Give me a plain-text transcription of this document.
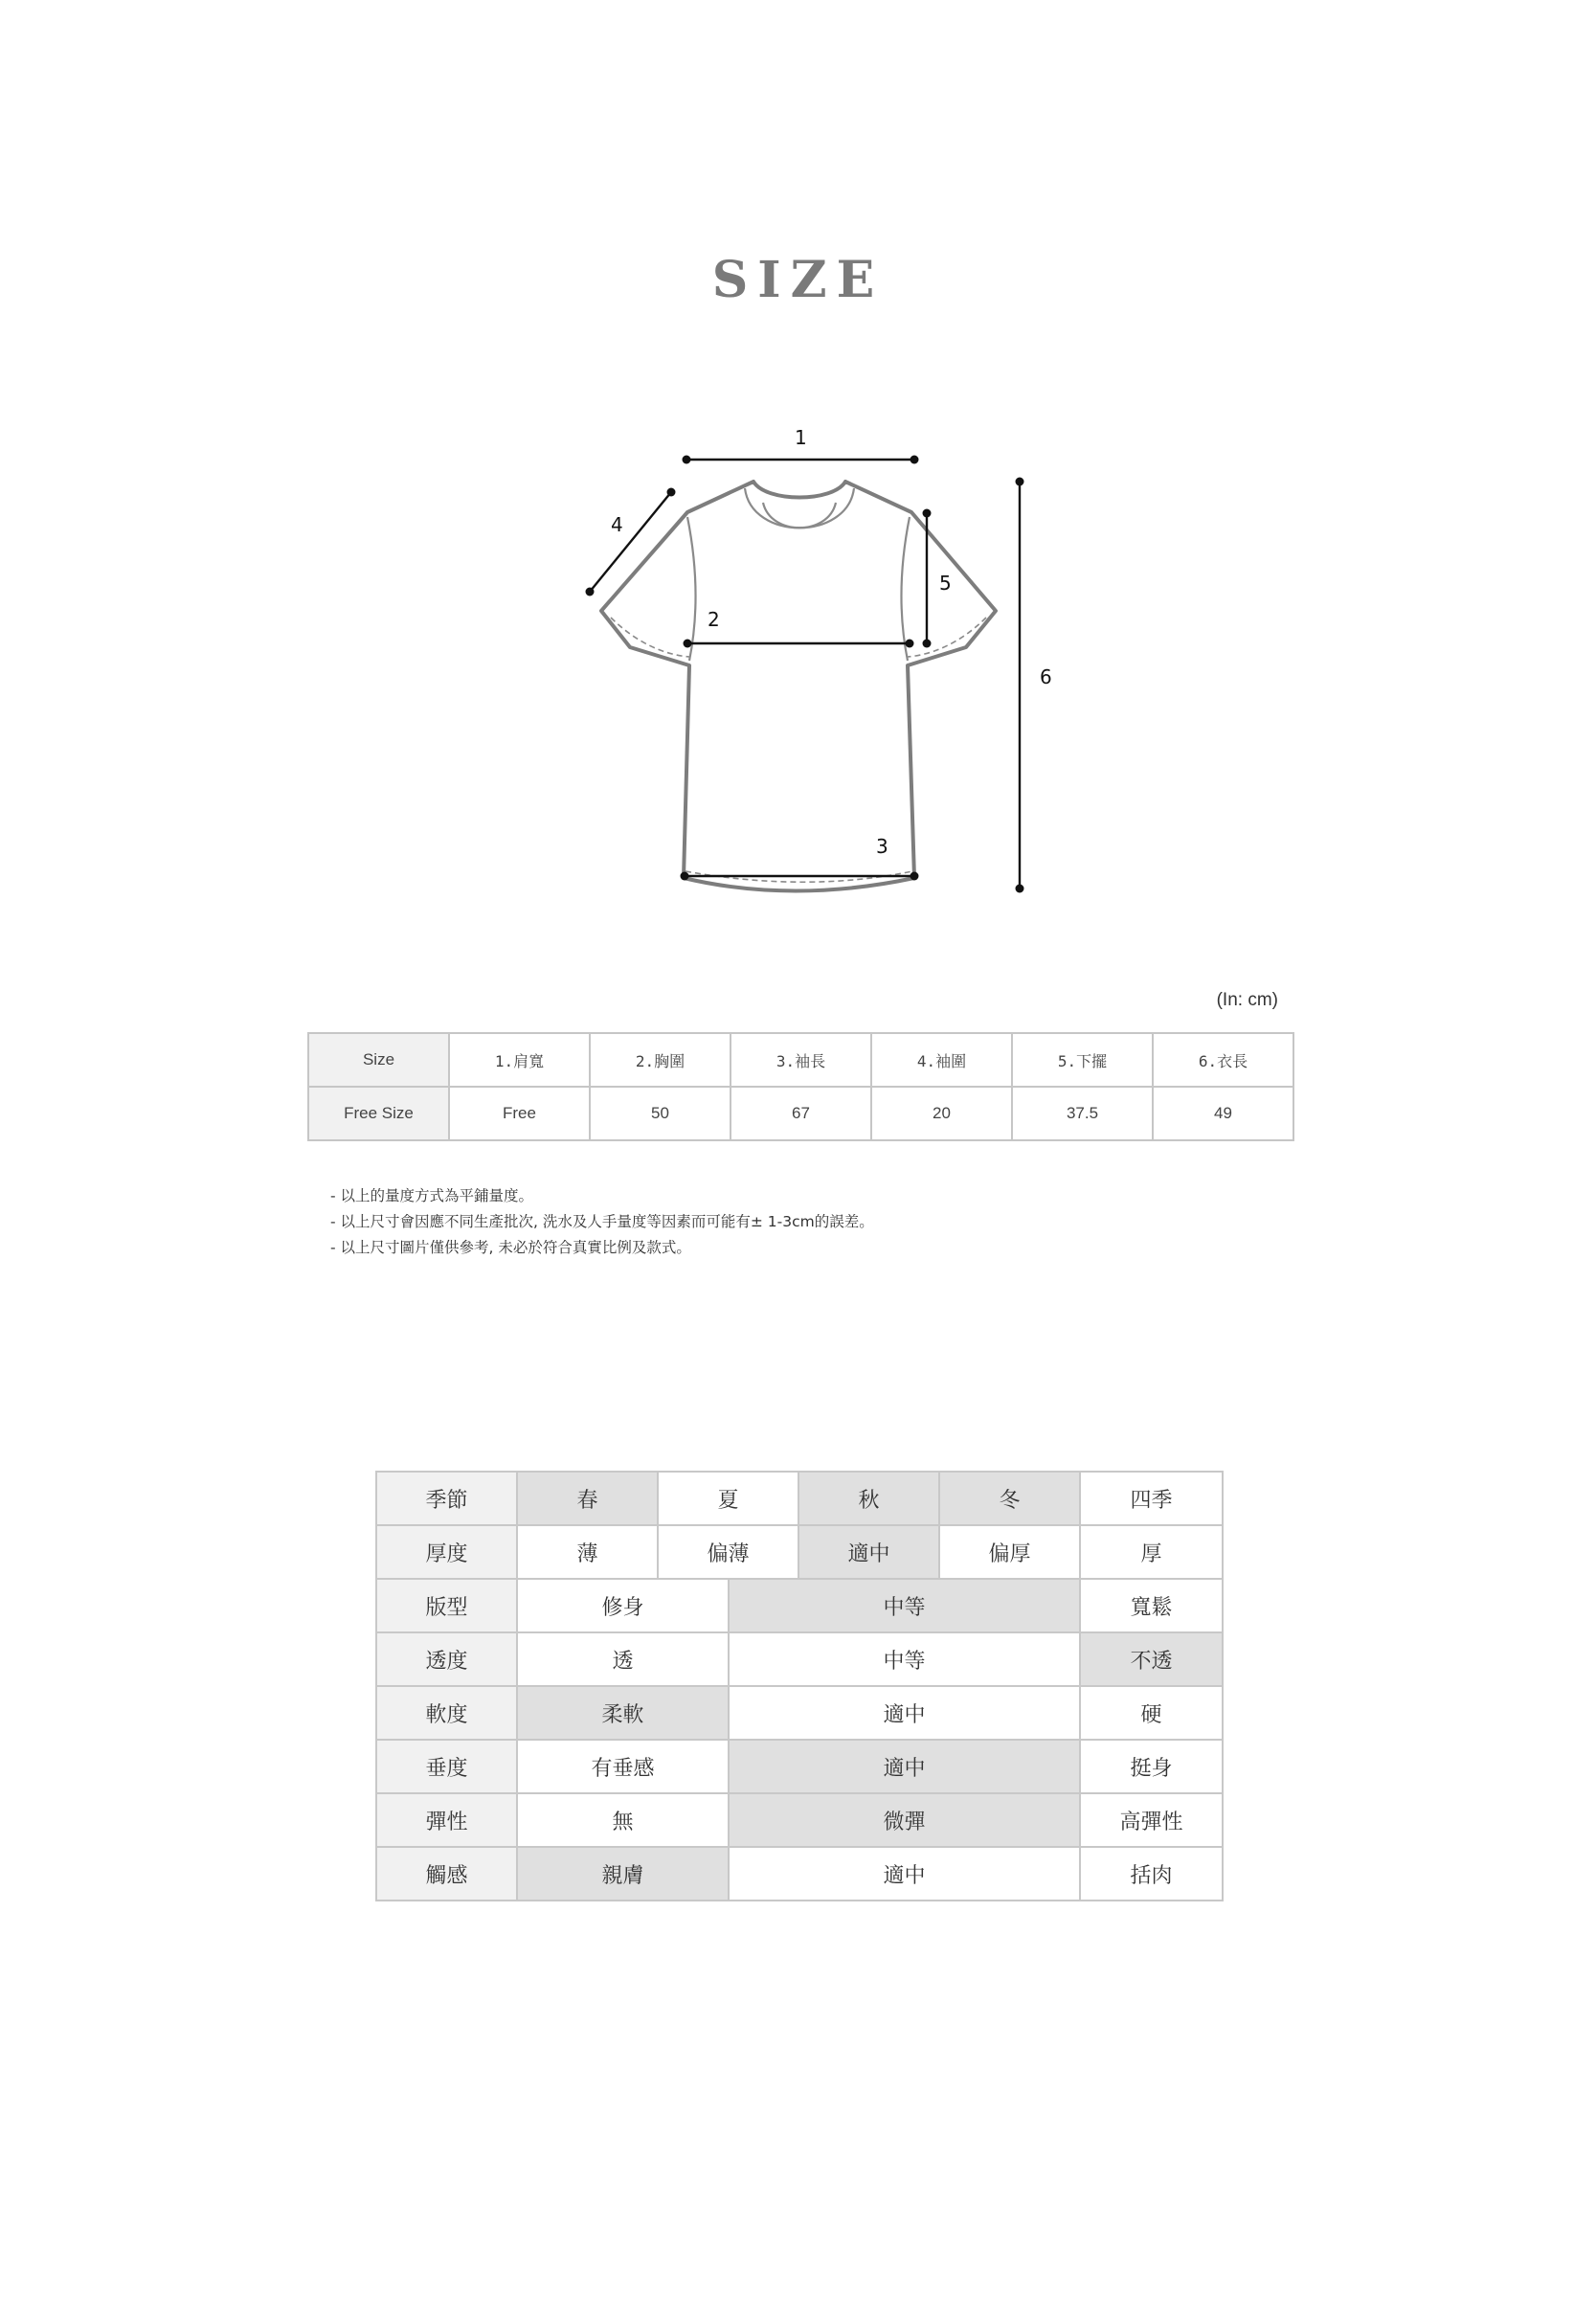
SIZE
1
2
3
4
5
6
(In: cm)
Size	1.肩寬	2.胸圍	3.袖長	4.袖圍	5.下擺	6.衣長
Free Size	Free	50	67	20	37.5	49
- 以上的量度方式為平鋪量度。
- 以上尺寸會因應不同生產批次, 洗水及人手量度等因素而可能有± 1-3cm的誤差。
- 以上尺寸圖片僅供參考, 未必於符合真實比例及款式。
季節	春	夏		秋	冬	四季
厚度	薄	偏薄		適中	偏厚	厚
版型	修身		中等			寬鬆
透度	透		中等			不透
軟度	柔軟		適中			硬
垂度	有垂感		適中			挺身
彈性	無		微彈			高彈性
觸感	親膚		適中			括肉
